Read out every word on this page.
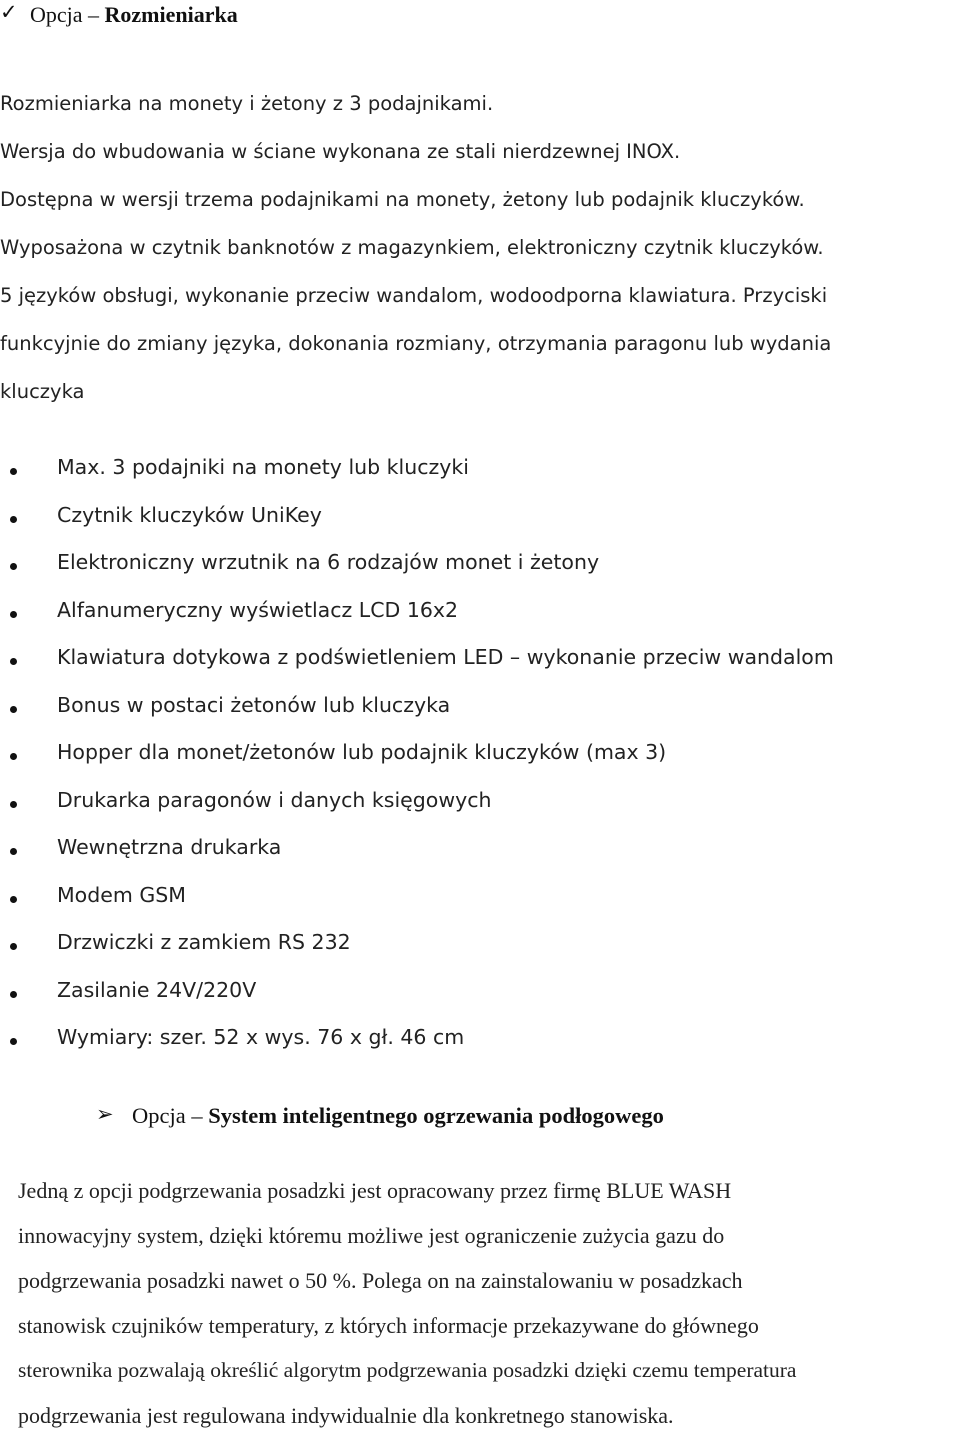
✓ Opcja – Rozmieniarka
Rozmieniarka na monety i żetony z 3 podajnikami.
Wersja do wbudowania w ściane wykonana ze stali nierdzewnej INOX.
Dostępna w wersji trzema podajnikami na monety, żetony lub podajnik kluczyków.
Wyposażona w czytnik banknotów z magazynkiem, elektroniczny czytnik kluczyków.
5 języków obsługi, wykonanie przeciw wandalom, wodoodporna klawiatura. Przyciski
funkcyjnie do zmiany języka, dokonania rozmiany, otrzymania paragonu lub wydania
kluczyka
Max. 3 podajniki na monety lub kluczyki
Czytnik kluczyków UniKey
Elektroniczny wrzutnik na 6 rodzajów monet i żetony
Alfanumeryczny wyświetlacz LCD 16x2
Klawiatura dotykowa z podświetleniem LED – wykonanie przeciw wandalom
Bonus w postaci żetonów lub kluczyka
Hopper dla monet/żetonów lub podajnik kluczyków (max 3)
Drukarka paragonów i danych księgowych
Wewnętrzna drukarka
Modem GSM
Drzwiczki z zamkiem RS 232
Zasilanie 24V/220V
Wymiary: szer. 52 x wys. 76 x gł. 46 cm
➢ Opcja – System inteligentnego ogrzewania podłogowego
Jedną z opcji podgrzewania posadzki jest opracowany przez firmę BLUE WASH
innowacyjny system, dzięki któremu możliwe jest ograniczenie zużycia gazu do
podgrzewania posadzki nawet o 50 %. Polega on na zainstalowaniu w posadzkach
stanowisk czujników temperatury, z których informacje przekazywane do głównego
sterownika pozwalają określić algorytm podgrzewania posadzki dzięki czemu temperatura
podgrzewania jest regulowana indywidualnie dla konkretnego stanowiska.
